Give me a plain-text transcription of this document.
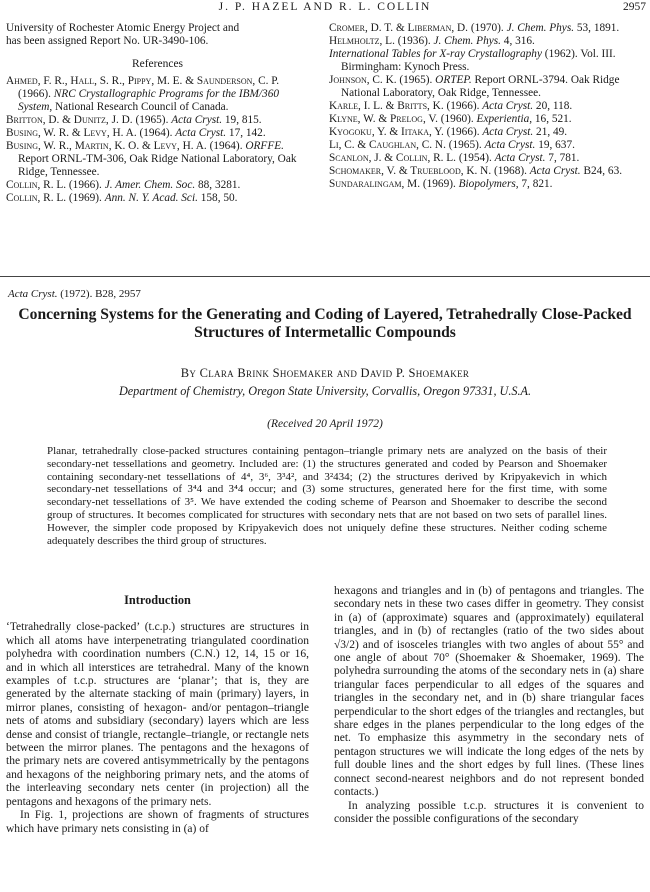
J. P. HAZEL AND R. L. COLLIN	2957

University of Rochester Atomic Energy Project and

has been assigned Report No. UR-3490-106.

References

Ahmed, F. R., Hall, S. R., Pippy, M. E. & Saunderson, C. P. (1966). NRC Crystallographic Programs for the IBM/360 System, National Research Council of Canada.

Britton, D. & Dunitz, J. D. (1965). Acta Cryst. 19, 815.

Busing, W. R. & Levy, H. A. (1964). Acta Cryst. 17, 142.

Busing, W. R., Martin, K. O. & Levy, H. A. (1964). ORFFE. Report ORNL-TM-306, Oak Ridge National Laboratory, Oak Ridge, Tennessee.

Collin, R. L. (1966). J. Amer. Chem. Soc. 88, 3281.

Collin, R. L. (1969). Ann. N. Y. Acad. Sci. 158, 50.

Cromer, D. T. & Liberman, D. (1970). J. Chem. Phys. 53, 1891.

Helmholtz, L. (1936). J. Chem. Phys. 4, 316.

International Tables for X-ray Crystallography (1962). Vol. III. Birmingham: Kynoch Press.

Johnson, C. K. (1965). ORTEP. Report ORNL-3794. Oak Ridge National Laboratory, Oak Ridge, Tennessee.

Karle, I. L. & Britts, K. (1966). Acta Cryst. 20, 118.

Klyne, W. & Prelog, V. (1960). Experientia, 16, 521.

Kyogoku, Y. & Iitaka, Y. (1966). Acta Cryst. 21, 49.

Li, C. & Caughlan, C. N. (1965). Acta Cryst. 19, 637.

Scanlon, J. & Collin, R. L. (1954). Acta Cryst. 7, 781.

Schomaker, V. & Trueblood, K. N. (1968). Acta Cryst. B24, 63.

Sundaralingam, M. (1969). Biopolymers, 7, 821.

Acta Cryst. (1972). B28, 2957
Concerning Systems for the Generating and Coding of Layered, Tetrahedrally Close-Packed
Structures of Intermetallic Compounds
By Clara Brink Shoemaker and David P. Shoemaker
Department of Chemistry, Oregon State University, Corvallis, Oregon 97331, U.S.A.
(Received 20 April 1972)
Planar, tetrahedrally close-packed structures containing pentagon–triangle primary nets are analyzed on the basis of their secondary-net tessellations and geometry. Included are: (1) the structures generated and coded by Pearson and Shoemaker containing secondary-net tessellations of 4⁴, 3⁶, 3³4², and 3²434; (2) the structures derived by Kripyakevich in which secondary-net tessellations of 3⁴4 and 3⁴4 occur; and (3) some structures, generated here for the first time, with some secondary-net tessellations of 3⁵. We have extended the coding scheme of Pearson and Shoemaker to describe the second group of structures. It becomes complicated for structures with secondary nets that are not based on two sets of parallel lines. However, the simpler code proposed by Kripyakevich does not uniquely define these structures. Neither coding scheme adequately describes the third group of structures.
Introduction

‘Tetrahedrally close-packed’ (t.c.p.) structures are structures in which all atoms have interpenetrating triangulated coordination polyhedra with coordination numbers (C.N.) 12, 14, 15 or 16, and in which all interstices are tetrahedral. Many of the known examples of t.c.p. structures are ‘planar’; that is, they are generated by the alternate stacking of main (primary) layers, in mirror planes, consisting of hexagon- and/or pentagon–triangle nets of atoms and subsidiary (secondary) layers which are less dense and consist of triangle, rectangle–triangle, or rectangle nets between the mirror planes. The pentagons and the hexagons of the primary nets are covered antisymmetrically by the pentagons and hexagons of the neighboring primary nets, and the atoms of the interleaving secondary nets center (in projection) all the pentagons and hexagons of the primary nets.

In Fig. 1, projections are shown of fragments of structures which have primary nets consisting in (a) of

hexagons and triangles and in (b) of pentagons and triangles. The secondary nets in these two cases differ in geometry. They consist in (a) of (approximate) squares and (approximately) equilateral triangles, and in (b) of rectangles (ratio of the two sides about √3/2) and of isosceles triangles with two angles of about 55° and one angle of about 70° (Shoemaker & Shoemaker, 1969). The polyhedra surrounding the atoms of the secondary nets in (a) share triangular faces perpendicular to all edges of the squares and triangles in the secondary net, and in (b) share triangular faces perpendicular to the short edges of the triangles and rectangles, but share edges in the planes perpendicular to the long edges of the net. To emphasize this asymmetry in the secondary nets of pentagon structures we will indicate the long edges of the nets by full double lines and the short edges by full lines. (These lines connect second-nearest neighbors and do not represent bonded contacts.)

In analyzing possible t.c.p. structures it is convenient to consider the possible configurations of the secondary
